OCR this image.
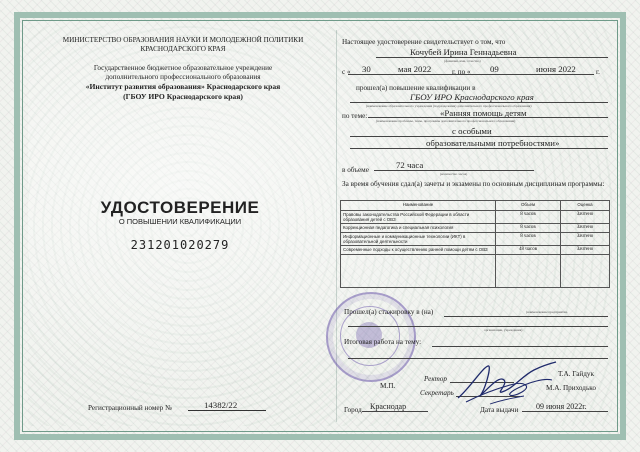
МИНИСТЕРСТВО ОБРАЗОВАНИЯ НАУКИ И МОЛОДЕЖНОЙ ПОЛИТИКИ КРАСНОДАРСКОГО КРАЯ
Государственное бюджетное образовательное учреждение
дополнительного профессионального образования
«Институт развития образования» Краснодарского края
(ГБОУ ИРО Краснодарского края)
УДОСТОВЕРЕНИЕ
О ПОВЫШЕНИИ КВАЛИФИКАЦИИ
231201020279
Регистрационный номер №	14382/22
Настоящее удостоверение свидетельствует о том, что
Кочубей Ирина Геннадьевна
(фамилия, имя, отчество)
с « 30	мая 2022	г. по « 09	июня 2022	г.
прошел(а) повышение квалификации в
ГБОУ ИРО Краснодарского края
(наименование образовательного учреждения (подразделения) дополнительного профессионального образования)
по теме:	«Ранняя помощь детям
(наименование проблемы, темы, программы дополнительного профессионального образования)
с особыми
образовательными потребностями»
в объеме	72 часа
(количество часов)
За время обучения сдал(а) зачеты и экзамены по основным дисциплинам программы:
Наименование	Объем	Оценка
Правовы законодательства Российской Федерации в области образования детей с ОВЗ	8 часов	Зачтено
Коррекционная педагогика и специальная психология	8 часов	Зачтено
Информационные и коммуникационные технологии (ИКТ) в образовательной деятельности	8 часов	Зачтено
Современные подходы к осуществлению ранней помощи детям с ОВЗ	48 часов	Зачтено

Прошел(а) стажировку в (на)	(наименование предприятия,
организации, учреждения)
Итоговая работа на тему:
М.П.
Ректор
Т.А. Гайдук
Секретарь
М.А. Приходько
Город Краснодар	Дата выдачи 09 июня 2022г.
